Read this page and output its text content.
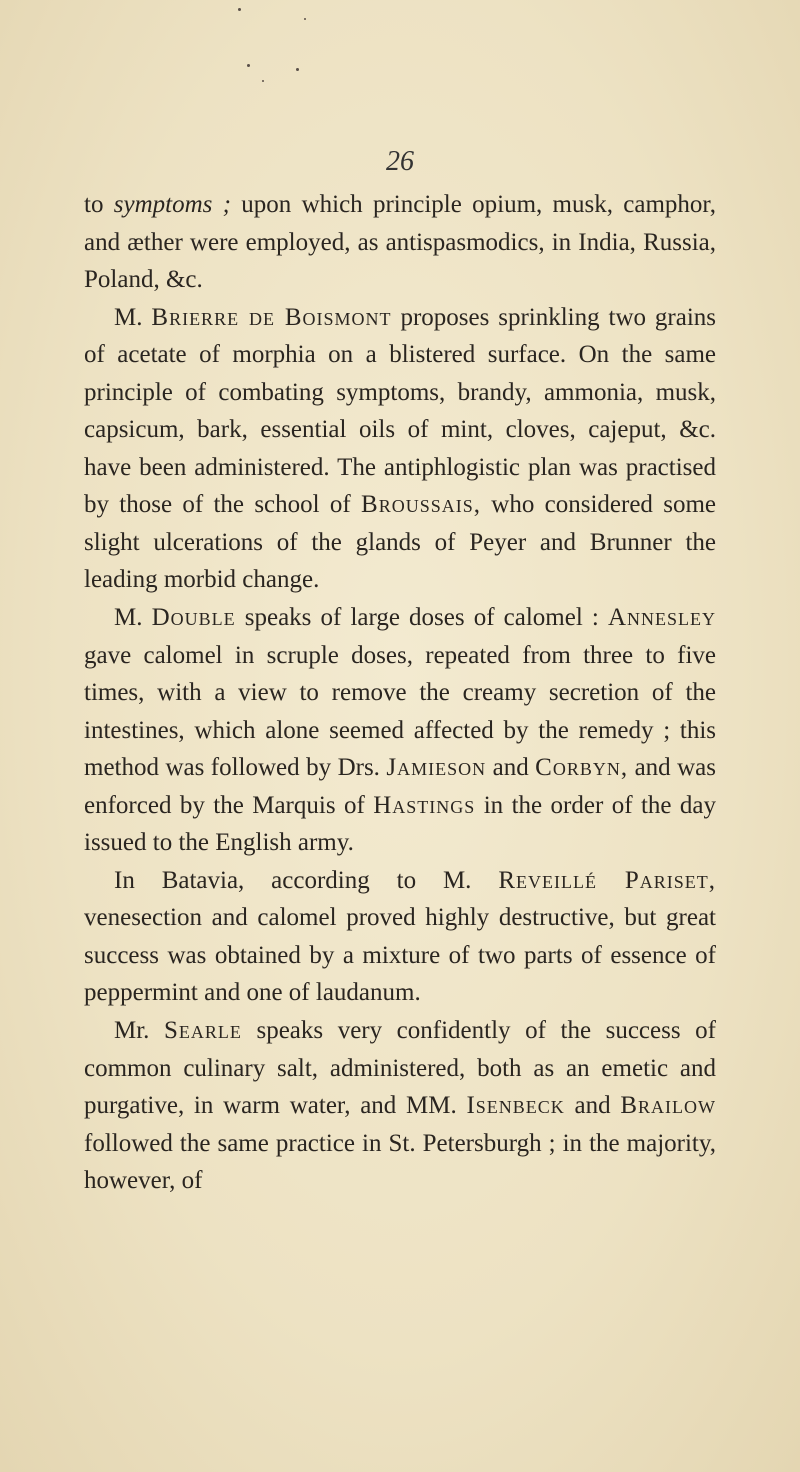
26

to symptoms ; upon which principle opium, musk, camphor, and æther were employed, as antispasmodics, in India, Russia, Poland, &c.

M. Brierre de Boismont proposes sprinkling two grains of acetate of morphia on a blistered surface. On the same principle of combating symptoms, brandy, ammonia, musk, capsicum, bark, essential oils of mint, cloves, cajeput, &c. have been administered. The antiphlogistic plan was practised by those of the school of Broussais, who considered some slight ulcerations of the glands of Peyer and Brunner the leading morbid change.

M. Double speaks of large doses of calomel : Annesley gave calomel in scruple doses, repeated from three to five times, with a view to remove the creamy secretion of the intestines, which alone seemed affected by the remedy ; this method was followed by Drs. Jamieson and Corbyn, and was enforced by the Marquis of Hastings in the order of the day issued to the English army.

In Batavia, according to M. Reveillé Pariset, venesection and calomel proved highly destructive, but great success was obtained by a mixture of two parts of essence of peppermint and one of laudanum.

Mr. Searle speaks very confidently of the success of common culinary salt, administered, both as an emetic and purgative, in warm water, and MM. Isenbeck and Brailow followed the same practice in St. Petersburgh ; in the majority, however, of
